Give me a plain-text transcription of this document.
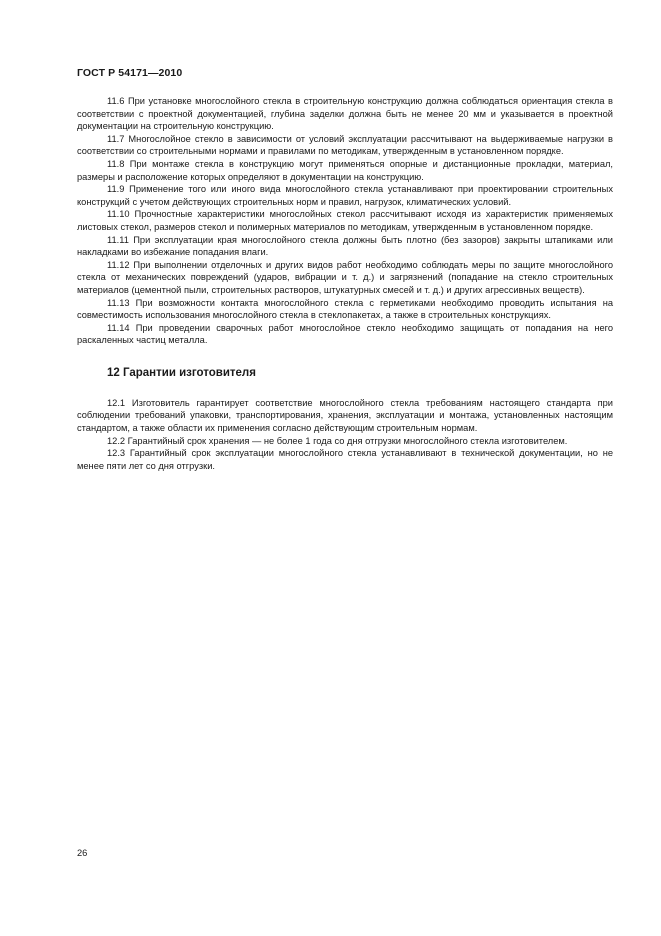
ГОСТ Р 54171—2010

11.6 При установке многослойного стекла в строительную конструкцию должна соблюдаться ориентация стекла в соответствии с проектной документацией, глубина заделки должна быть не менее 20 мм и указывается в проектной документации на строительную конструкцию.

11.7 Многослойное стекло в зависимости от условий эксплуатации рассчитывают на выдерживаемые нагрузки в соответствии со строительными нормами и правилами по методикам, утвержденным в установленном порядке.

11.8 При монтаже стекла в конструкцию могут применяться опорные и дистанционные прокладки, материал, размеры и расположение которых определяют в документации на конструкцию.

11.9 Применение того или иного вида многослойного стекла устанавливают при проектировании строительных конструкций с учетом действующих строительных норм и правил, нагрузок, климатических условий.

11.10 Прочностные характеристики многослойных стекол рассчитывают исходя из характеристик применяемых листовых стекол, размеров стекол и полимерных материалов по методикам, утвержденным в установленном порядке.

11.11 При эксплуатации края многослойного стекла должны быть плотно (без зазоров) закрыты штапиками или накладками во избежание попадания влаги.

11.12 При выполнении отделочных и других видов работ необходимо соблюдать меры по защите многослойного стекла от механических повреждений (ударов, вибрации и т. д.) и загрязнений (попадание на стекло строительных материалов (цементной пыли, строительных растворов, штукатурных смесей и т. д.) и других агрессивных веществ).

11.13 При возможности контакта многослойного стекла с герметиками необходимо проводить испытания на совместимость использования многослойного стекла в стеклопакетах, а также в строительных конструкциях.

11.14 При проведении сварочных работ многослойное стекло необходимо защищать от попадания на него раскаленных частиц металла.

12 Гарантии изготовителя

12.1 Изготовитель гарантирует соответствие многослойного стекла требованиям настоящего стандарта при соблюдении требований упаковки, транспортирования, хранения, эксплуатации и монтажа, установленных настоящим стандартом, а также области их применения согласно действующим строительным нормам.

12.2 Гарантийный срок хранения — не более 1 года со дня отгрузки многослойного стекла изготовителем.

12.3 Гарантийный срок эксплуатации многослойного стекла устанавливают в технической документации, но не менее пяти лет со дня отгрузки.

26
